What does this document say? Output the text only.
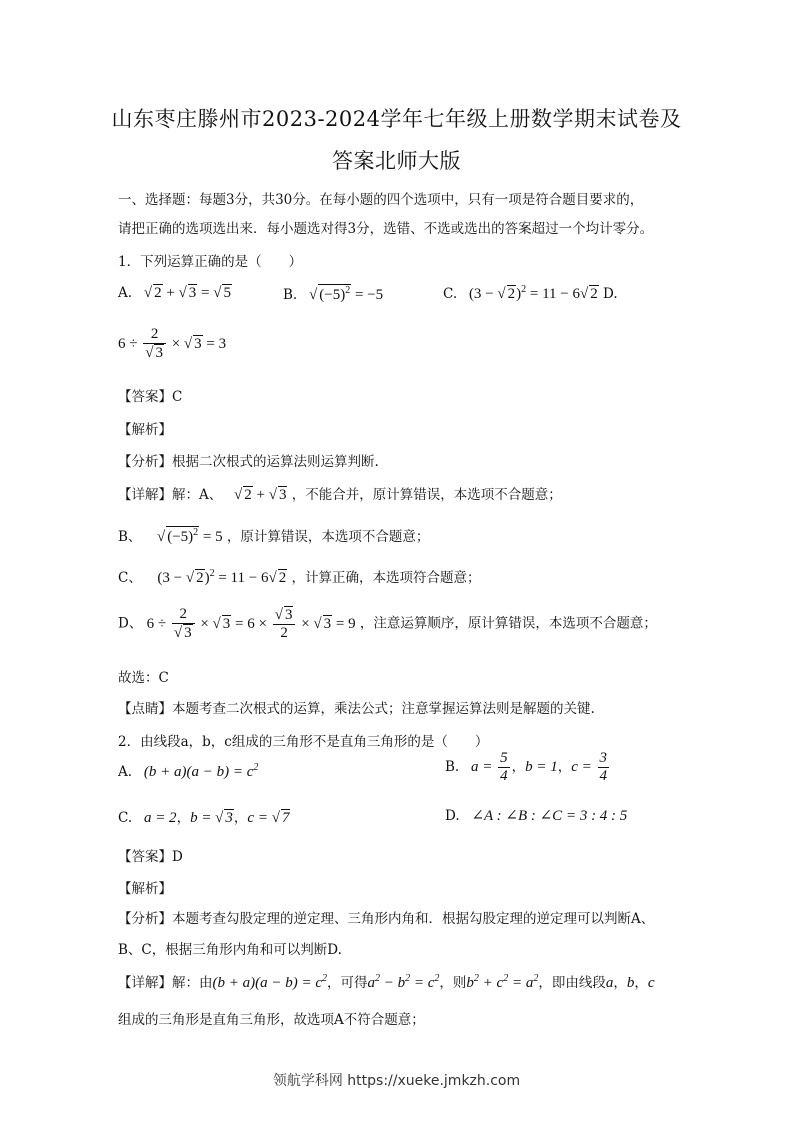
山东枣庄滕州市2023-2024学年七年级上册数学期末试卷及
答案北师大版
一、选择题：每题3分，共30分。在每小题的四个选项中，只有一项是符合题目要求的，
请把正确的选项选出来．每小题选对得3分，选错、不选或选出的答案超过一个均计零分。
1．下列运算正确的是（　　）
A.   √ 2 + √ 3 = √ 5	B.   √ $(-5)^2 = -5$	C.   (3 − √ 2)$^2$ = 11 − 6√ 2 D.
$6 \div \frac{2}{√ 3}$ × √ 3 = 3
【答案】C
【解析】
【分析】根据二次根式的运算法则运算判断.
【详解】解：A、   √ 2 + √ 3 ，不能合并，原计算错误，本选项不合题意；
B、    √ $(-5)^2 = 5$ ，原计算错误，本选项不合题意；
C、    (3 − √ 2)$^2$ = 11 − 6√ 2 ，计算正确，本选项符合题意；
D、 $6 \div \frac{2}{√ 3}$ × √ $3 = 6 \times \frac{√ 3}{2}$ × √ 3 = 9 ，注意运算顺序，原计算错误，本选项不合题意；
故选：C
【点睛】本题考查二次根式的运算，乘法公式；注意掌握运算法则是解题的关键.
2．由线段a，b，c组成的三角形不是直角三角形的是（　　）
A.   $(b + a)(a - b) = c^2$	B.   $a = \frac{5}{4}$ ，b = 1，$c = \frac{3}{4}$
C.   a = 2，b = √ 3，c = √ 7	D.   ∠A : ∠B : ∠C = 3 : 4 : 5
【答案】D
【解析】
【分析】本题考查勾股定理的逆定理、三角形内角和．根据勾股定理的逆定理可以判断A、
B、C，根据三角形内角和可以判断D.
【详解】解：由$(b + a)(a - b) = c^2$，可得$a^2 - b^2 = c^2$，则$b^2 + c^2 = a^2$，即由线段a，b，c
组成的三角形是直角三角形，故选项A不符合题意；
领航学科网 https://xueke.jmkzh.com
